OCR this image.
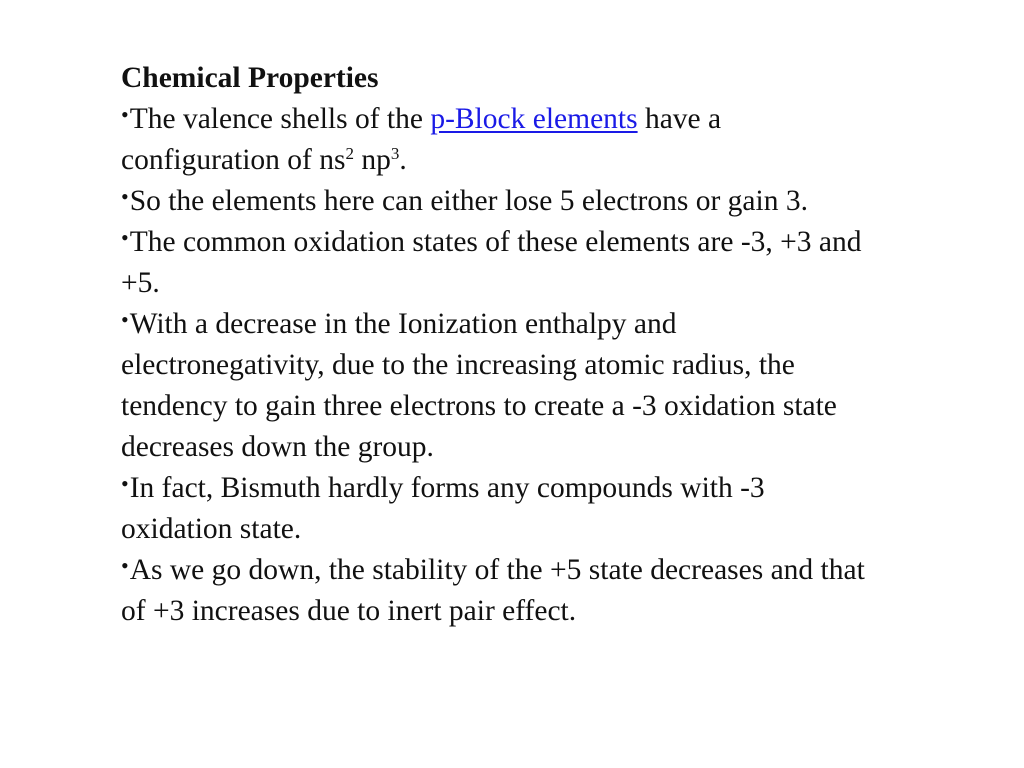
Chemical Properties

•The valence shells of the p-Block elements have a configuration of $ns^2$ $np^3$.

•So the elements here can either lose 5 electrons or gain 3.

•The common oxidation states of these elements are -3, +3 and +5.

•With a decrease in the Ionization enthalpy and electronegativity, due to the increasing atomic radius, the tendency to gain three electrons to create a -3 oxidation state decreases down the group.

•In fact, Bismuth hardly forms any compounds with -3 oxidation state.

•As we go down, the stability of the +5 state decreases and that of +3 increases due to inert pair effect.
